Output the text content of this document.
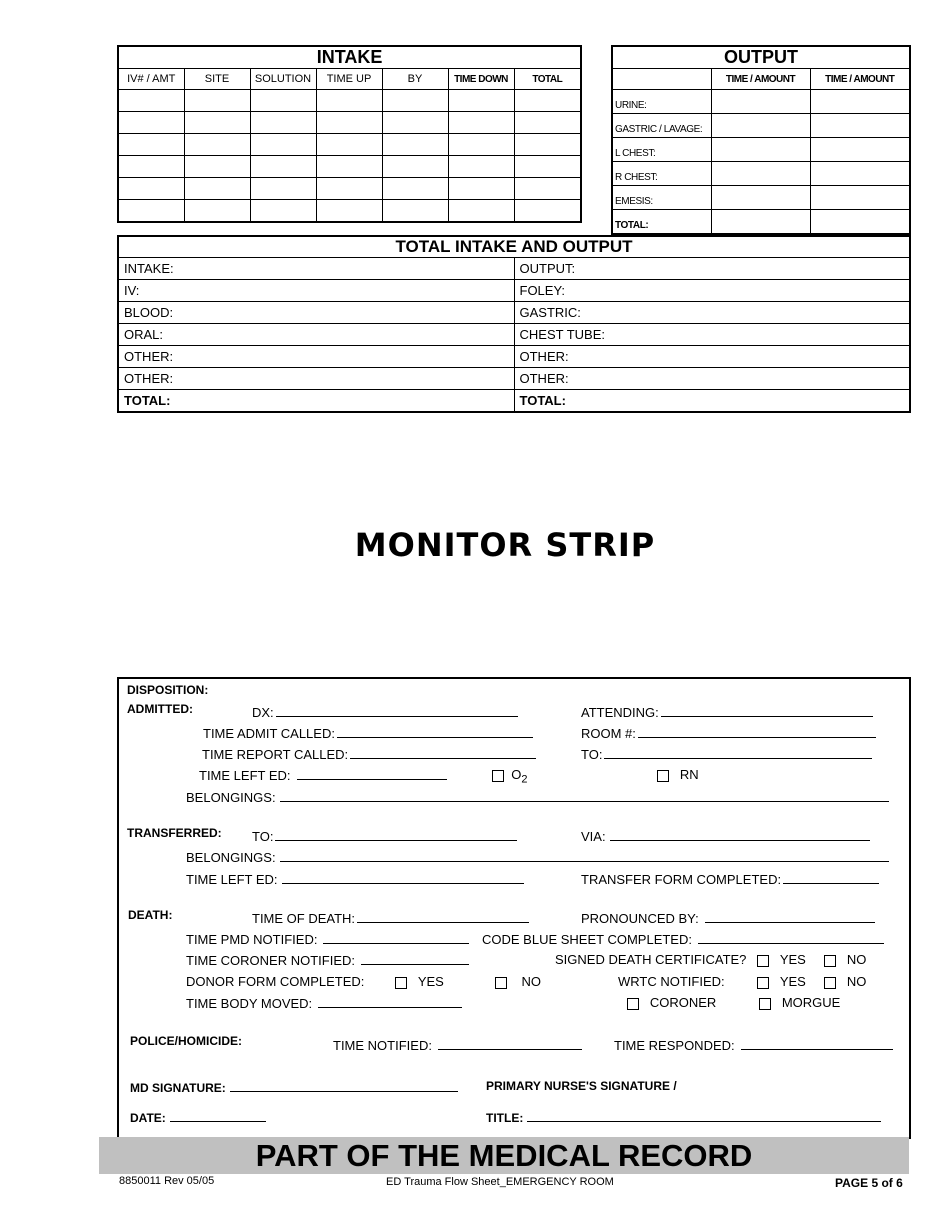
INTAKE						
IV# / AMT	SITE	SOLUTION	TIME UP	BY	TIME DOWN	TOTAL

OUTPUT		
	TIME / AMOUNT	TIME / AMOUNT
URINE:		
GASTRIC / LAVAGE:		
L CHEST:		
R CHEST:		
EMESIS:		
TOTAL:		
TOTAL INTAKE AND OUTPUT	
INTAKE:	OUTPUT:
IV:	FOLEY:
BLOOD:	GASTRIC:
ORAL:	CHEST TUBE:
OTHER:	OTHER:
OTHER:	OTHER:
TOTAL:	TOTAL:
MONITOR STRIP
DISPOSITION:
ADMITTED:	DX:	ATTENDING:
TIME ADMIT CALLED:	ROOM #:
TIME REPORT CALLED:	TO:
TIME LEFT ED:	$O_2$	RN
BELONGINGS:
TRANSFERRED: TO:	VIA:
BELONGINGS:
TIME LEFT ED:	TRANSFER FORM COMPLETED:
DEATH:	TIME OF DEATH:	PRONOUNCED BY:
TIME PMD NOTIFIED:	CODE BLUE SHEET COMPLETED:
TIME CORONER NOTIFIED:	SIGNED DEATH CERTIFICATE?	YES	NO
DONOR FORM COMPLETED:	YES	NO	WRTC NOTIFIED:	YES	NO
TIME BODY MOVED:	CORONER	MORGUE
POLICE/HOMICIDE:	TIME NOTIFIED:	TIME RESPONDED:
MD SIGNATURE:	PRIMARY NURSE'S SIGNATURE /
DATE:	TITLE:
PART OF THE MEDICAL RECORD
8850011 Rev 05/05	ED Trauma Flow Sheet_EMERGENCY ROOM	PAGE 5 of 6
